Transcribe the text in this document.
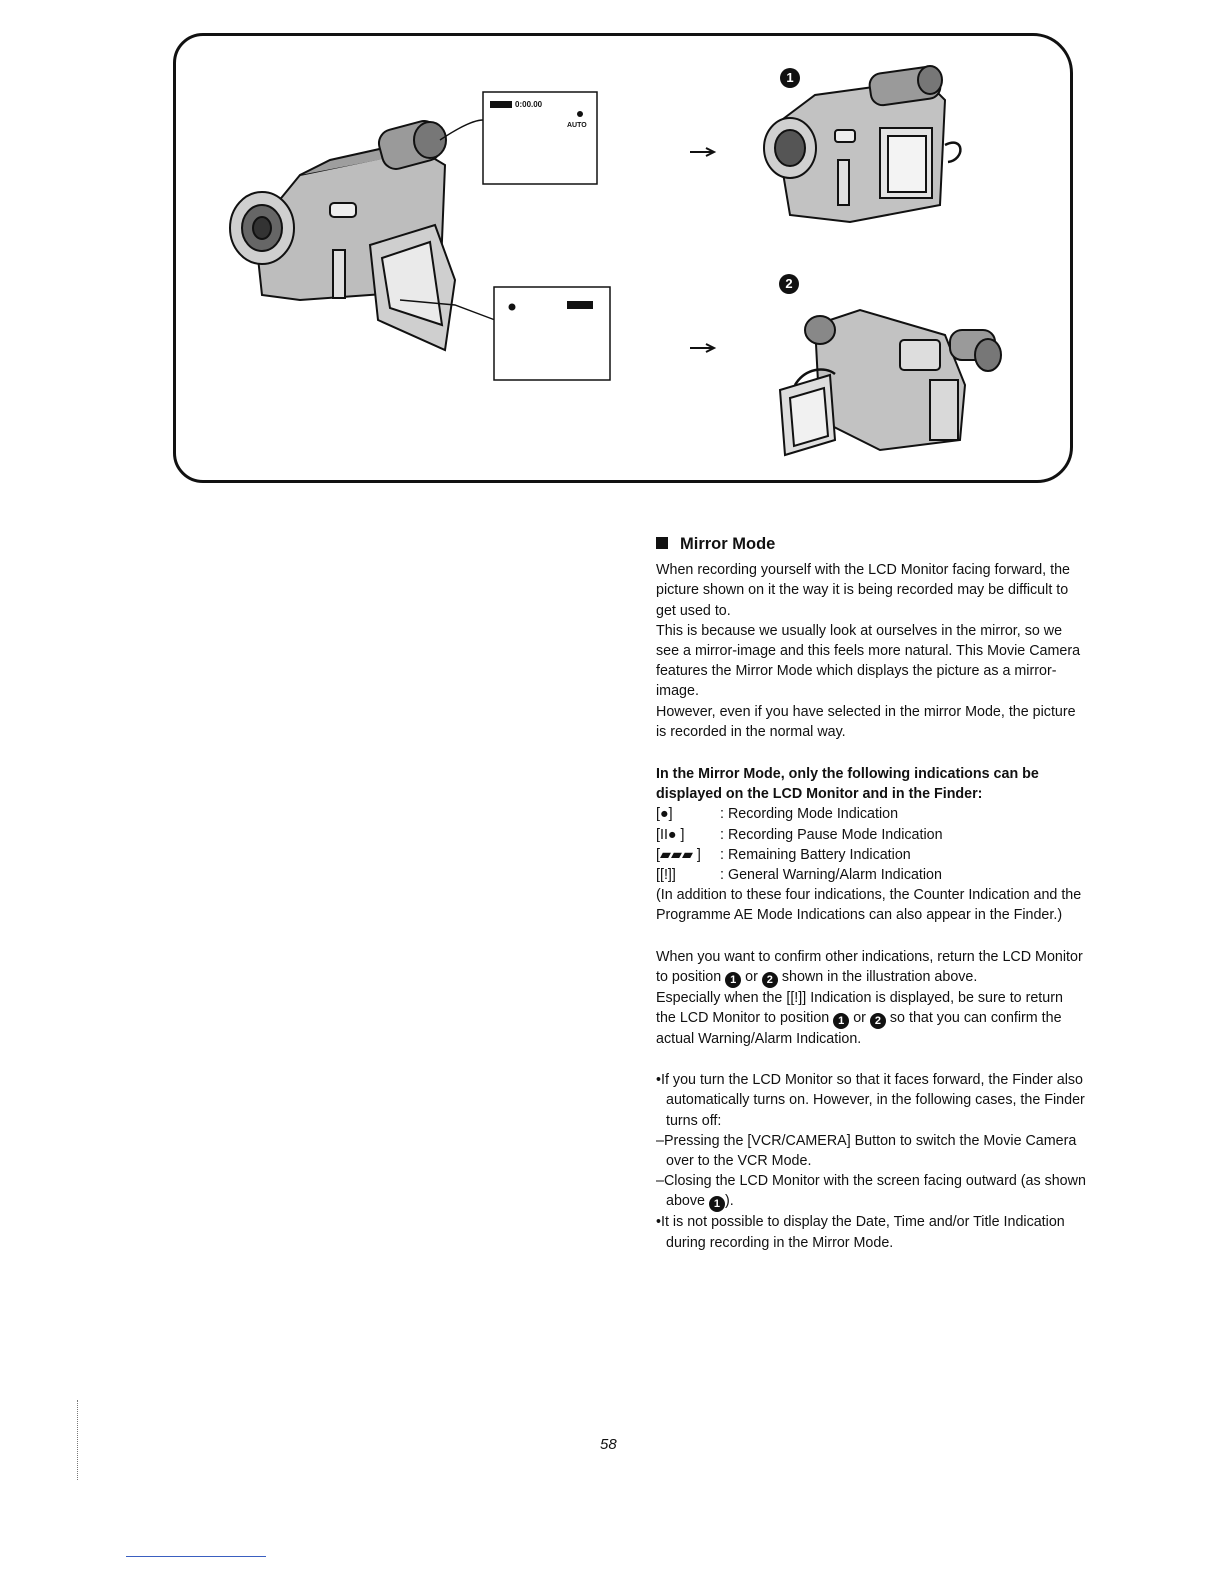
0:00.00
AUTO
1
2

Mirror Mode

When recording yourself with the LCD Monitor facing forward, the picture shown on it the way it is being recorded may be difficult to get used to.

This is because we usually look at ourselves in the mirror, so we see a mirror-image and this feels more natural. This Movie Camera features the Mirror Mode which displays the picture as a mirror-image.

However, even if you have selected in the mirror Mode, the picture is recorded in the normal way.

In the Mirror Mode, only the following indications can be displayed on the LCD Monitor and in the Finder:

[●]	: Recording Mode Indication
[II● ]	: Recording Pause Mode Indication
[▰▰▰ ]	: Remaining Battery Indication
[[!]]	: General Warning/Alarm Indication

(In addition to these four indications, the Counter Indication and the Programme AE Mode Indications can also appear in the Finder.)

When you want to confirm other indications, return the LCD Monitor to position 1 or 2 shown in the illustration above.

Especially when the [[!]] Indication is displayed, be sure to return the LCD Monitor to position 1 or 2 so that you can confirm the actual Warning/Alarm Indication.

•If you turn the LCD Monitor so that it faces forward, the Finder also automatically turns on. However, in the following cases, the Finder turns off:

–Pressing the [VCR/CAMERA] Button to switch the Movie Camera over to the VCR Mode.

–Closing the LCD Monitor with the screen facing outward (as shown above 1 ).

•It is not possible to display the Date, Time and/or Title Indication during recording in the Mirror Mode.

58
